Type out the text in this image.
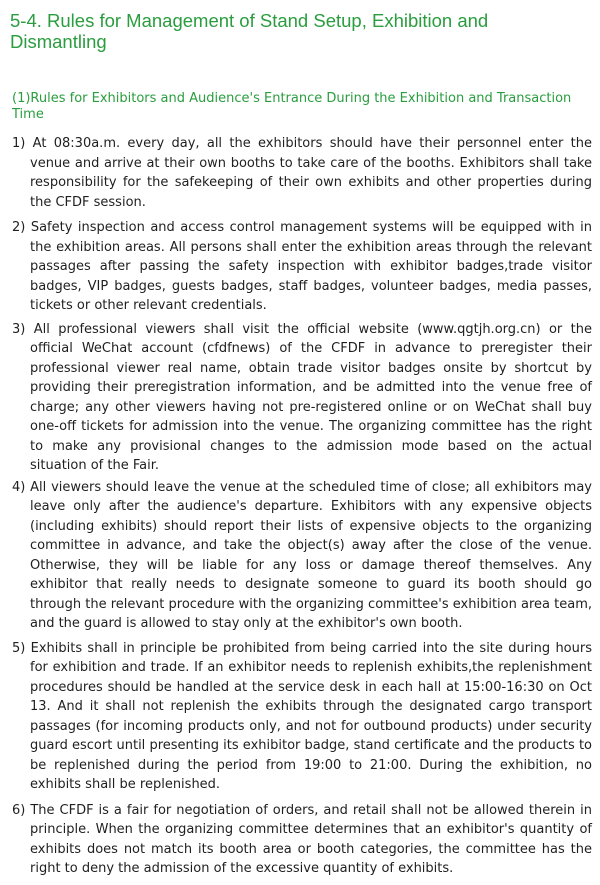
5-4. Rules for Management of Stand Setup, Exhibition and Dismantling
(1)Rules for Exhibitors and Audience's Entrance During the Exhibition and Transaction Time
1) At 08:30a.m. every day, all the exhibitors should have their personnel enter the venue and arrive at their own booths to take care of the booths. Exhibitors shall take responsibility for the safekeeping of their own exhibits and other properties during the CFDF session.
2) Safety inspection and access control management systems will be equipped with in the exhibition areas. All persons shall enter the exhibition areas through the relevant passages after passing the safety inspection with exhibitor badges,trade visitor badges, VIP badges, guests badges, staff badges, volunteer badges, media passes, tickets or other relevant credentials.
3) All professional viewers shall visit the official website (www.qgtjh.org.cn) or the official WeChat account (cfdfnews) of the CFDF in advance to preregister their professional viewer real name, obtain trade visitor badges onsite by shortcut by providing their preregistration information, and be admitted into the venue free of charge; any other viewers having not pre-registered online or on WeChat shall buy one-off tickets for admission into the venue. The organizing committee has the right to make any provisional changes to the admission mode based on the actual situation of the Fair.
4) All viewers should leave the venue at the scheduled time of close; all exhibitors may leave only after the audience's departure. Exhibitors with any expensive objects (including exhibits) should report their lists of expensive objects to the organizing committee in advance, and take the object(s) away after the close of the venue. Otherwise, they will be liable for any loss or damage thereof themselves. Any exhibitor that really needs to designate someone to guard its booth should go through the relevant procedure with the organizing committee's exhibition area team, and the guard is allowed to stay only at the exhibitor's own booth.
5) Exhibits shall in principle be prohibited from being carried into the site during hours for exhibition and trade. If an exhibitor needs to replenish exhibits,the replenishment procedures should be handled at the service desk in each hall at 15:00-16:30 on Oct 13. And it shall not replenish the exhibits through the designated cargo transport passages (for incoming products only, and not for outbound products) under security guard escort until presenting its exhibitor badge, stand certificate and the products to be replenished during the period from 19:00 to 21:00. During the exhibition, no exhibits shall be replenished.
6) The CFDF is a fair for negotiation of orders, and retail shall not be allowed therein in principle. When the organizing committee determines that an exhibitor's quantity of exhibits does not match its booth area or booth categories, the committee has the right to deny the admission of the excessive quantity of exhibits.
